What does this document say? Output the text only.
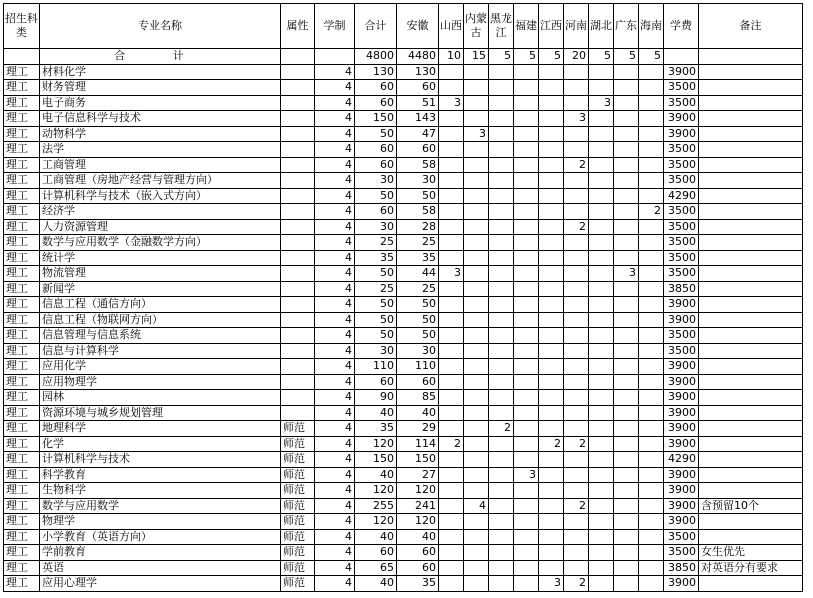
招生科类	专业名称	属性	学制	合计	安徽	山西	内蒙古	黑龙江	福建	江西	河南	湖北	广东	海南	学费	备注
	合 计			4800	4480	10	15	5	5	5	20	5	5	5		
理工	材料化学		4	130	130										3900	
理工	财务管理		4	60	60										3500	
理工	电子商务		4	60	51	3						3			3500	
理工	电子信息科学与技术		4	150	143						3				3900	
理工	动物科学		4	50	47		3								3900	
理工	法学		4	60	60										3500	
理工	工商管理		4	60	58						2				3500	
理工	工商管理（房地产经营与管理方向）		4	30	30										3500	
理工	计算机科学与技术（嵌入式方向）		4	50	50										4290	
理工	经济学		4	60	58									2	3500	
理工	人力资源管理		4	30	28						2				3500	
理工	数学与应用数学（金融数学方向）		4	25	25										3500	
理工	统计学		4	35	35										3500	
理工	物流管理		4	50	44	3							3		3500	
理工	新闻学		4	25	25										3850	
理工	信息工程（通信方向）		4	50	50										3900	
理工	信息工程（物联网方向）		4	50	50										3900	
理工	信息管理与信息系统		4	50	50										3500	
理工	信息与计算科学		4	30	30										3500	
理工	应用化学		4	110	110										3900	
理工	应用物理学		4	60	60										3900	
理工	园林		4	90	85										3900	
理工	资源环境与城乡规划管理		4	40	40										3900	
理工	地理科学	师范	4	35	29			2							3900	
理工	化学	师范	4	120	114	2				2	2				3900	
理工	计算机科学与技术	师范	4	150	150										4290	
理工	科学教育	师范	4	40	27				3						3900	
理工	生物科学	师范	4	120	120										3900	
理工	数学与应用数学	师范	4	255	241		4				2				3900	含预留10个
理工	物理学	师范	4	120	120										3900	
理工	小学教育（英语方向）	师范	4	40	40										3500	
理工	学前教育	师范	4	60	60										3500	女生优先
理工	英语	师范	4	65	60										3850	对英语分有要求
理工	应用心理学	师范	4	40	35					3	2				3900	
